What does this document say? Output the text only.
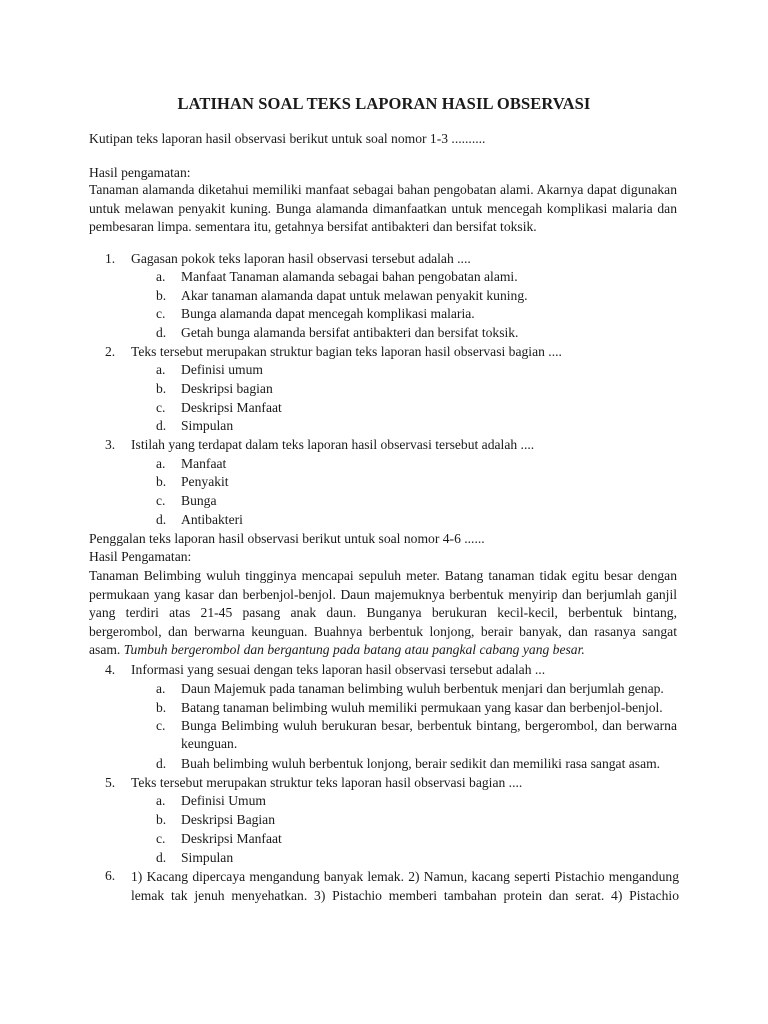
LATIHAN SOAL TEKS LAPORAN HASIL OBSERVASI
Kutipan teks laporan hasil observasi berikut untuk soal nomor 1-3 ..........
Hasil pengamatan:
Tanaman alamanda diketahui memiliki manfaat sebagai bahan pengobatan alami. Akarnya dapat digunakan untuk melawan penyakit kuning. Bunga alamanda dimanfaatkan untuk mencegah komplikasi malaria dan pembesaran limpa. sementara itu, getahnya bersifat antibakteri dan bersifat toksik.
1. Gagasan pokok teks laporan hasil observasi tersebut adalah ....
a. Manfaat Tanaman alamanda sebagai bahan pengobatan alami.
b. Akar tanaman alamanda dapat untuk melawan penyakit kuning.
c. Bunga alamanda dapat mencegah komplikasi malaria.
d. Getah bunga alamanda bersifat antibakteri dan bersifat toksik.
2. Teks tersebut merupakan struktur bagian teks laporan hasil observasi bagian ....
a. Definisi umum
b. Deskripsi bagian
c. Deskripsi Manfaat
d. Simpulan
3. Istilah yang terdapat dalam teks laporan hasil observasi tersebut adalah ....
a. Manfaat
b. Penyakit
c. Bunga
d. Antibakteri
Penggalan teks laporan hasil observasi berikut untuk soal nomor 4-6 ......
Hasil Pengamatan:
Tanaman Belimbing wuluh tingginya mencapai sepuluh meter. Batang tanaman tidak egitu besar dengan permukaan yang kasar dan berbenjol-benjol. Daun majemuknya berbentuk menyirip dan berjumlah ganjil yang terdiri atas 21-45 pasang anak daun. Bunganya berukuran kecil-kecil, berbentuk bintang, bergerombol, dan berwarna keunguan. Buahnya berbentuk lonjong, berair banyak, dan rasanya sangat asam. Tumbuh bergerombol dan bergantung pada batang atau pangkal cabang yang besar.
4. Informasi yang sesuai dengan teks laporan hasil observasi tersebut adalah ...
a. Daun Majemuk pada tanaman belimbing wuluh berbentuk menjari dan berjumlah genap.
b. Batang tanaman belimbing wuluh memiliki permukaan yang kasar dan berbenjol-benjol.
c. Bunga Belimbing wuluh berukuran besar, berbentuk bintang, bergerombol, dan berwarna keunguan.
d. Buah belimbing wuluh berbentuk lonjong, berair sedikit dan memiliki rasa sangat asam.
5. Teks tersebut merupakan struktur teks laporan hasil observasi bagian ....
a. Definisi Umum
b. Deskripsi Bagian
c. Deskripsi Manfaat
d. Simpulan
6. 1) Kacang dipercaya mengandung banyak lemak. 2) Namun, kacang seperti Pistachio mengandung lemak tak jenuh menyehatkan. 3) Pistachio memberi tambahan protein dan serat. 4) Pistachio
